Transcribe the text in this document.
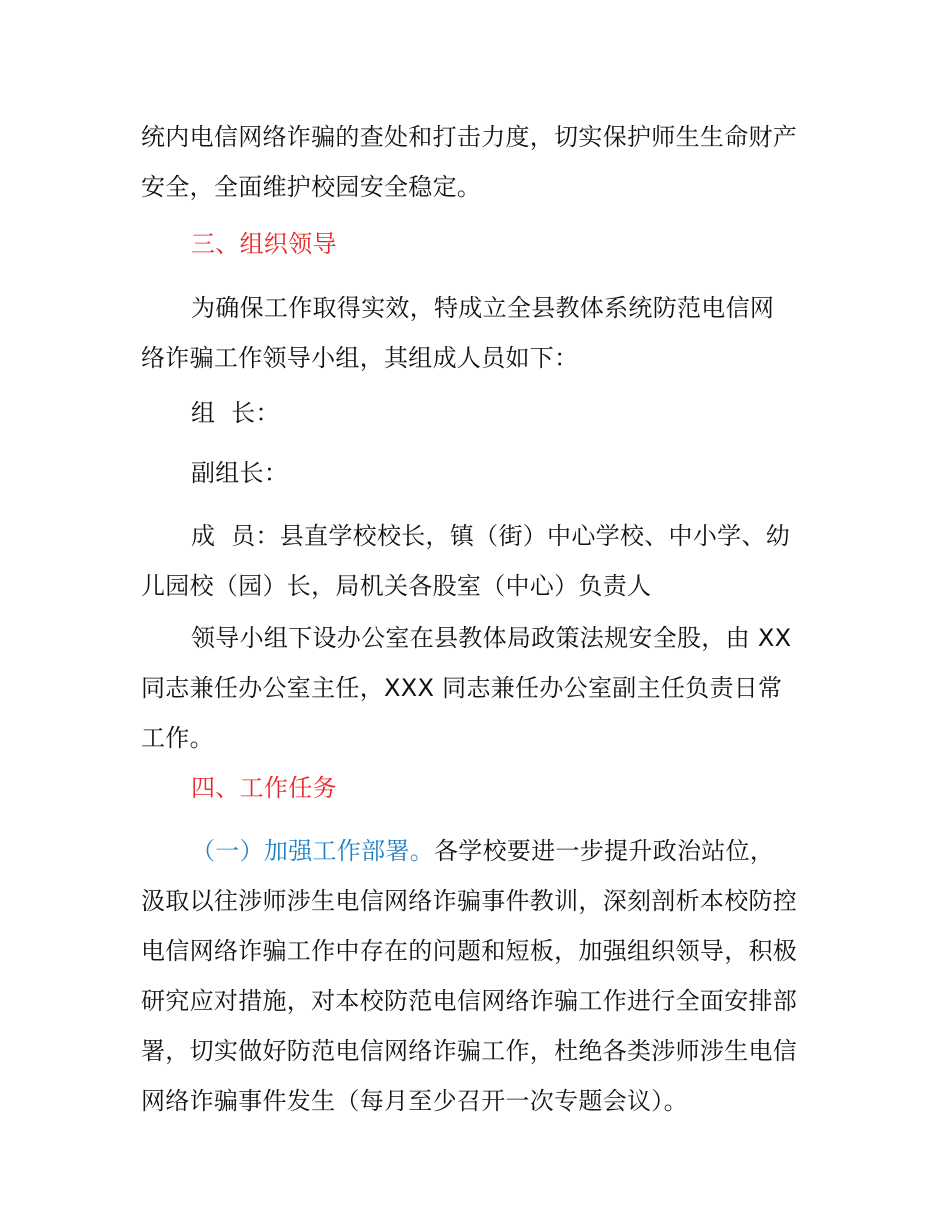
统内电信网络诈骗的查处和打击力度，切实保护师生生命财产
安全，全面维护校园安全稳定。
三、组织领导
为确保工作取得实效，特成立全县教体系统防范电信网
络诈骗工作领导小组，其组成人员如下：
组  长：
副组长：
成  员：县直学校校长，镇（街）中心学校、中小学、幼
儿园校（园）长，局机关各股室（中心）负责人
领导小组下设办公室在县教体局政策法规安全股，由 XX
同志兼任办公室主任，XXX 同志兼任办公室副主任负责日常
工作。
四、工作任务
（一）加强工作部署。各学校要进一步提升政治站位，
汲取以往涉师涉生电信网络诈骗事件教训，深刻剖析本校防控
电信网络诈骗工作中存在的问题和短板，加强组织领导，积极
研究应对措施，对本校防范电信网络诈骗工作进行全面安排部
署，切实做好防范电信网络诈骗工作，杜绝各类涉师涉生电信
网络诈骗事件发生（每月至少召开一次专题会议）。
